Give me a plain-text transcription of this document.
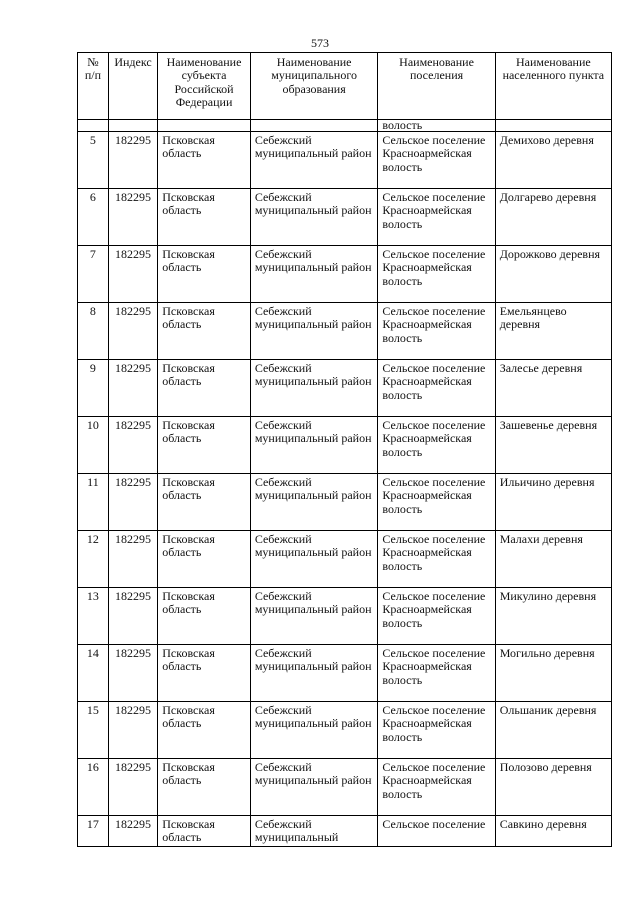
573
№
п/п	Индекс	Наименование субъекта Российской Федерации	Наименование муниципального образования	Наименование поселения	Наименование населенного пункта
				волость	
5	182295	Псковская область	Себежский муниципальный район	Сельское поселение Красноармейская волость	Демихово деревня
6	182295	Псковская область	Себежский муниципальный район	Сельское поселение Красноармейская волость	Долгарево деревня
7	182295	Псковская область	Себежский муниципальный район	Сельское поселение Красноармейская волость	Дорожково деревня
8	182295	Псковская область	Себежский муниципальный район	Сельское поселение Красноармейская волость	Емельянцево деревня
9	182295	Псковская область	Себежский муниципальный район	Сельское поселение Красноармейская волость	Залесье деревня
10	182295	Псковская область	Себежский муниципальный район	Сельское поселение Красноармейская волость	Зашевенье деревня
11	182295	Псковская область	Себежский муниципальный район	Сельское поселение Красноармейская волость	Ильичино деревня
12	182295	Псковская область	Себежский муниципальный район	Сельское поселение Красноармейская волость	Малахи деревня
13	182295	Псковская область	Себежский муниципальный район	Сельское поселение Красноармейская волость	Микулино деревня
14	182295	Псковская область	Себежский муниципальный район	Сельское поселение Красноармейская волость	Могильно деревня
15	182295	Псковская область	Себежский муниципальный район	Сельское поселение Красноармейская волость	Ольшаник деревня
16	182295	Псковская область	Себежский муниципальный район	Сельское поселение Красноармейская волость	Полозово деревня
17	182295	Псковская область	Себежский муниципальный	Сельское поселение	Савкино деревня
